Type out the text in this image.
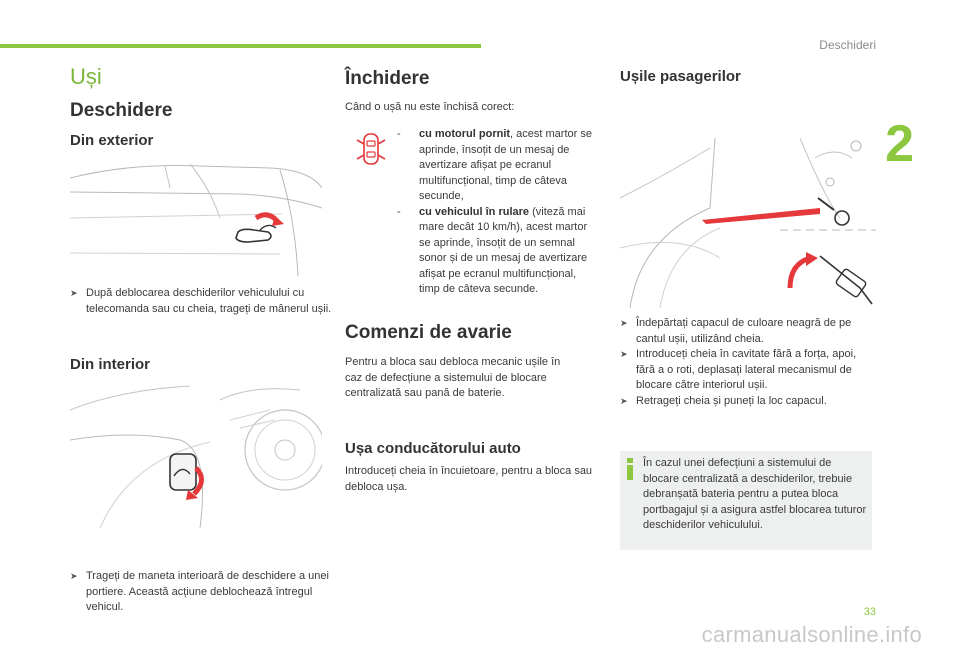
Deschideri
2
Uși
Deschidere
Din exterior
➤ După deblocarea deschiderilor vehiculului cu telecomanda sau cu cheia, trageți de mânerul ușii.
Din interior
➤ Trageți de maneta interioară de deschidere a unei portiere. Această acțiune deblochează întregul vehicul.
Închidere
Când o ușă nu este închisă corect:
- cu motorul pornit, acest martor se aprinde, însoțit de un mesaj de avertizare afișat pe ecranul multifuncțional, timp de câteva secunde,
- cu vehiculul în rulare (viteză mai mare decât 10 km/h), acest martor se aprinde, însoțit de un semnal sonor și de un mesaj de avertizare afișat pe ecranul multifuncțional, timp de câteva secunde.
Comenzi de avarie
Pentru a bloca sau debloca mecanic ușile în caz de defecțiune a sistemului de blocare centralizată sau pană de baterie.
Ușa conducătorului auto
Introduceți cheia în încuietoare, pentru a bloca sau debloca ușa.
Ușile pasagerilor
➤ Îndepărtați capacul de culoare neagră de pe cantul ușii, utilizând cheia.
➤ Introduceți cheia în cavitate fără a forța, apoi, fără a o roti, deplasați lateral mecanismul de blocare către interiorul ușii.
➤ Retrageți cheia și puneți la loc capacul.
În cazul unei defecțiuni a sistemului de blocare centralizată a deschiderilor, trebuie debranșată bateria pentru a putea bloca portbagajul și a asigura astfel blocarea tuturor deschiderilor vehiculului.
33
carmanualsonline.info
